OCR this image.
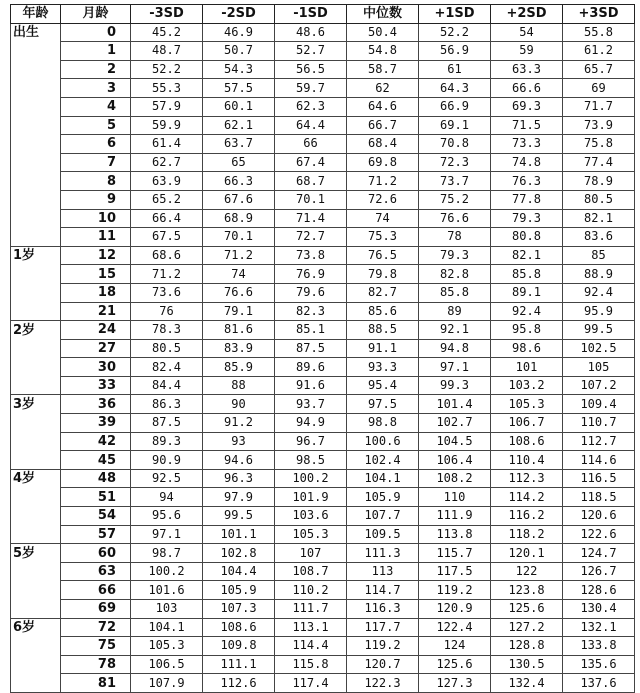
年龄	月龄	-3SD	-2SD	-1SD	中位数	+1SD	+2SD	+3SD
出生	0	45.2	46.9	48.6	50.4	52.2	54	55.8
	1	48.7	50.7	52.7	54.8	56.9	59	61.2
	2	52.2	54.3	56.5	58.7	61	63.3	65.7
	3	55.3	57.5	59.7	62	64.3	66.6	69
	4	57.9	60.1	62.3	64.6	66.9	69.3	71.7
	5	59.9	62.1	64.4	66.7	69.1	71.5	73.9
	6	61.4	63.7	66	68.4	70.8	73.3	75.8
	7	62.7	65	67.4	69.8	72.3	74.8	77.4
	8	63.9	66.3	68.7	71.2	73.7	76.3	78.9
	9	65.2	67.6	70.1	72.6	75.2	77.8	80.5
	10	66.4	68.9	71.4	74	76.6	79.3	82.1
	11	67.5	70.1	72.7	75.3	78	80.8	83.6
1岁	12	68.6	71.2	73.8	76.5	79.3	82.1	85
	15	71.2	74	76.9	79.8	82.8	85.8	88.9
	18	73.6	76.6	79.6	82.7	85.8	89.1	92.4
	21	76	79.1	82.3	85.6	89	92.4	95.9
2岁	24	78.3	81.6	85.1	88.5	92.1	95.8	99.5
	27	80.5	83.9	87.5	91.1	94.8	98.6	102.5
	30	82.4	85.9	89.6	93.3	97.1	101	105
	33	84.4	88	91.6	95.4	99.3	103.2	107.2
3岁	36	86.3	90	93.7	97.5	101.4	105.3	109.4
	39	87.5	91.2	94.9	98.8	102.7	106.7	110.7
	42	89.3	93	96.7	100.6	104.5	108.6	112.7
	45	90.9	94.6	98.5	102.4	106.4	110.4	114.6
4岁	48	92.5	96.3	100.2	104.1	108.2	112.3	116.5
	51	94	97.9	101.9	105.9	110	114.2	118.5
	54	95.6	99.5	103.6	107.7	111.9	116.2	120.6
	57	97.1	101.1	105.3	109.5	113.8	118.2	122.6
5岁	60	98.7	102.8	107	111.3	115.7	120.1	124.7
	63	100.2	104.4	108.7	113	117.5	122	126.7
	66	101.6	105.9	110.2	114.7	119.2	123.8	128.6
	69	103	107.3	111.7	116.3	120.9	125.6	130.4
6岁	72	104.1	108.6	113.1	117.7	122.4	127.2	132.1
	75	105.3	109.8	114.4	119.2	124	128.8	133.8
	78	106.5	111.1	115.8	120.7	125.6	130.5	135.6
	81	107.9	112.6	117.4	122.3	127.3	132.4	137.6
